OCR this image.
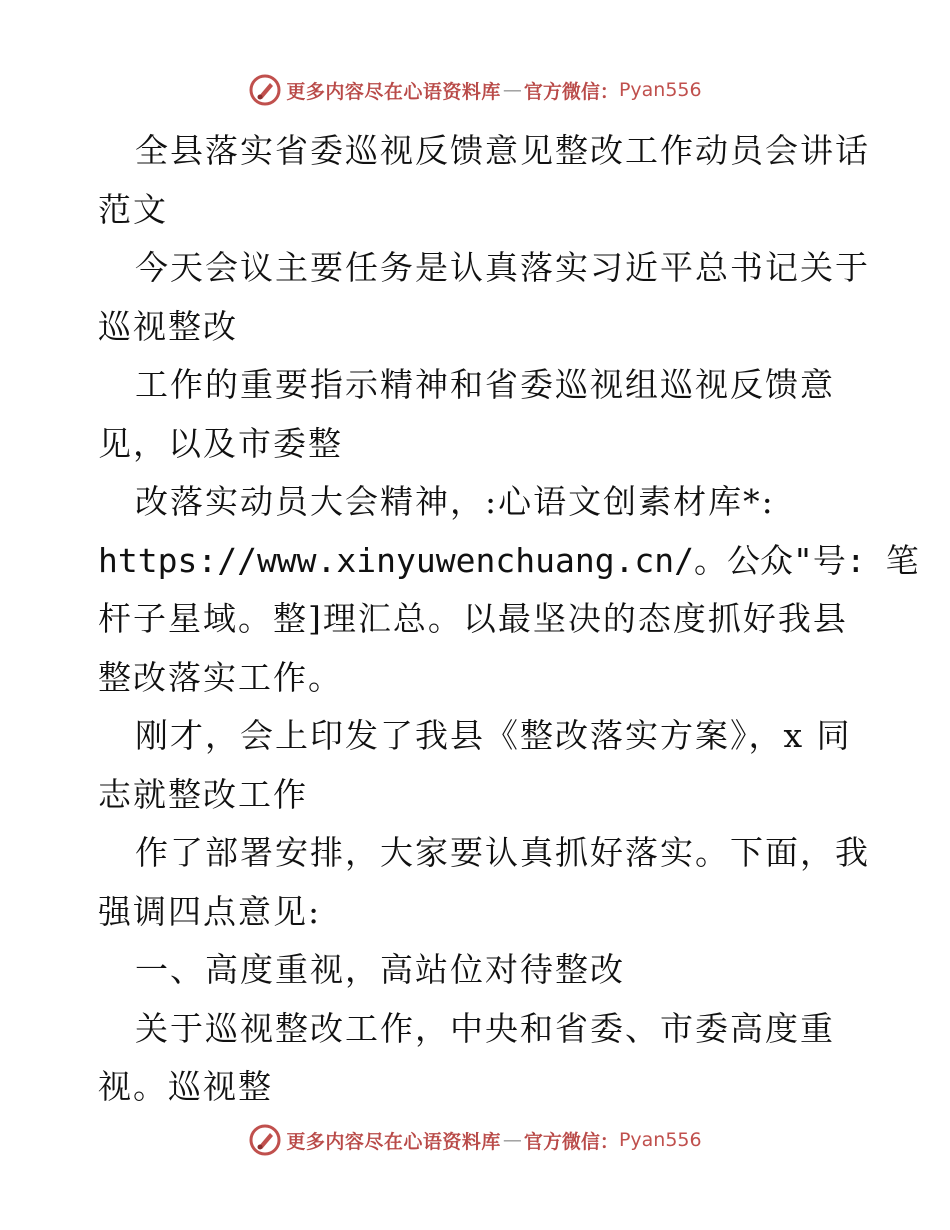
更多内容尽在心语资料库 — 官方微信： Pyan556
全县落实省委巡视反馈意见整改工作动员会讲话
范文
今天会议主要任务是认真落实习近平总书记关于
巡视整改
工作的重要指示精神和省委巡视组巡视反馈意
见，以及市委整
改落实动员大会精神，:心语文创素材库*:
https://www.xinyuwenchuang.cn/。公众"号: 笔
杆子星域。整]理汇总。以最坚决的态度抓好我县
整改落实工作。
刚才，会上印发了我县《整改落实方案》，x 同
志就整改工作
作了部署安排，大家要认真抓好落实。下面，我
强调四点意见:
一、高度重视，高站位对待整改
关于巡视整改工作，中央和省委、市委高度重
视。巡视整
更多内容尽在心语资料库 — 官方微信： Pyan556
